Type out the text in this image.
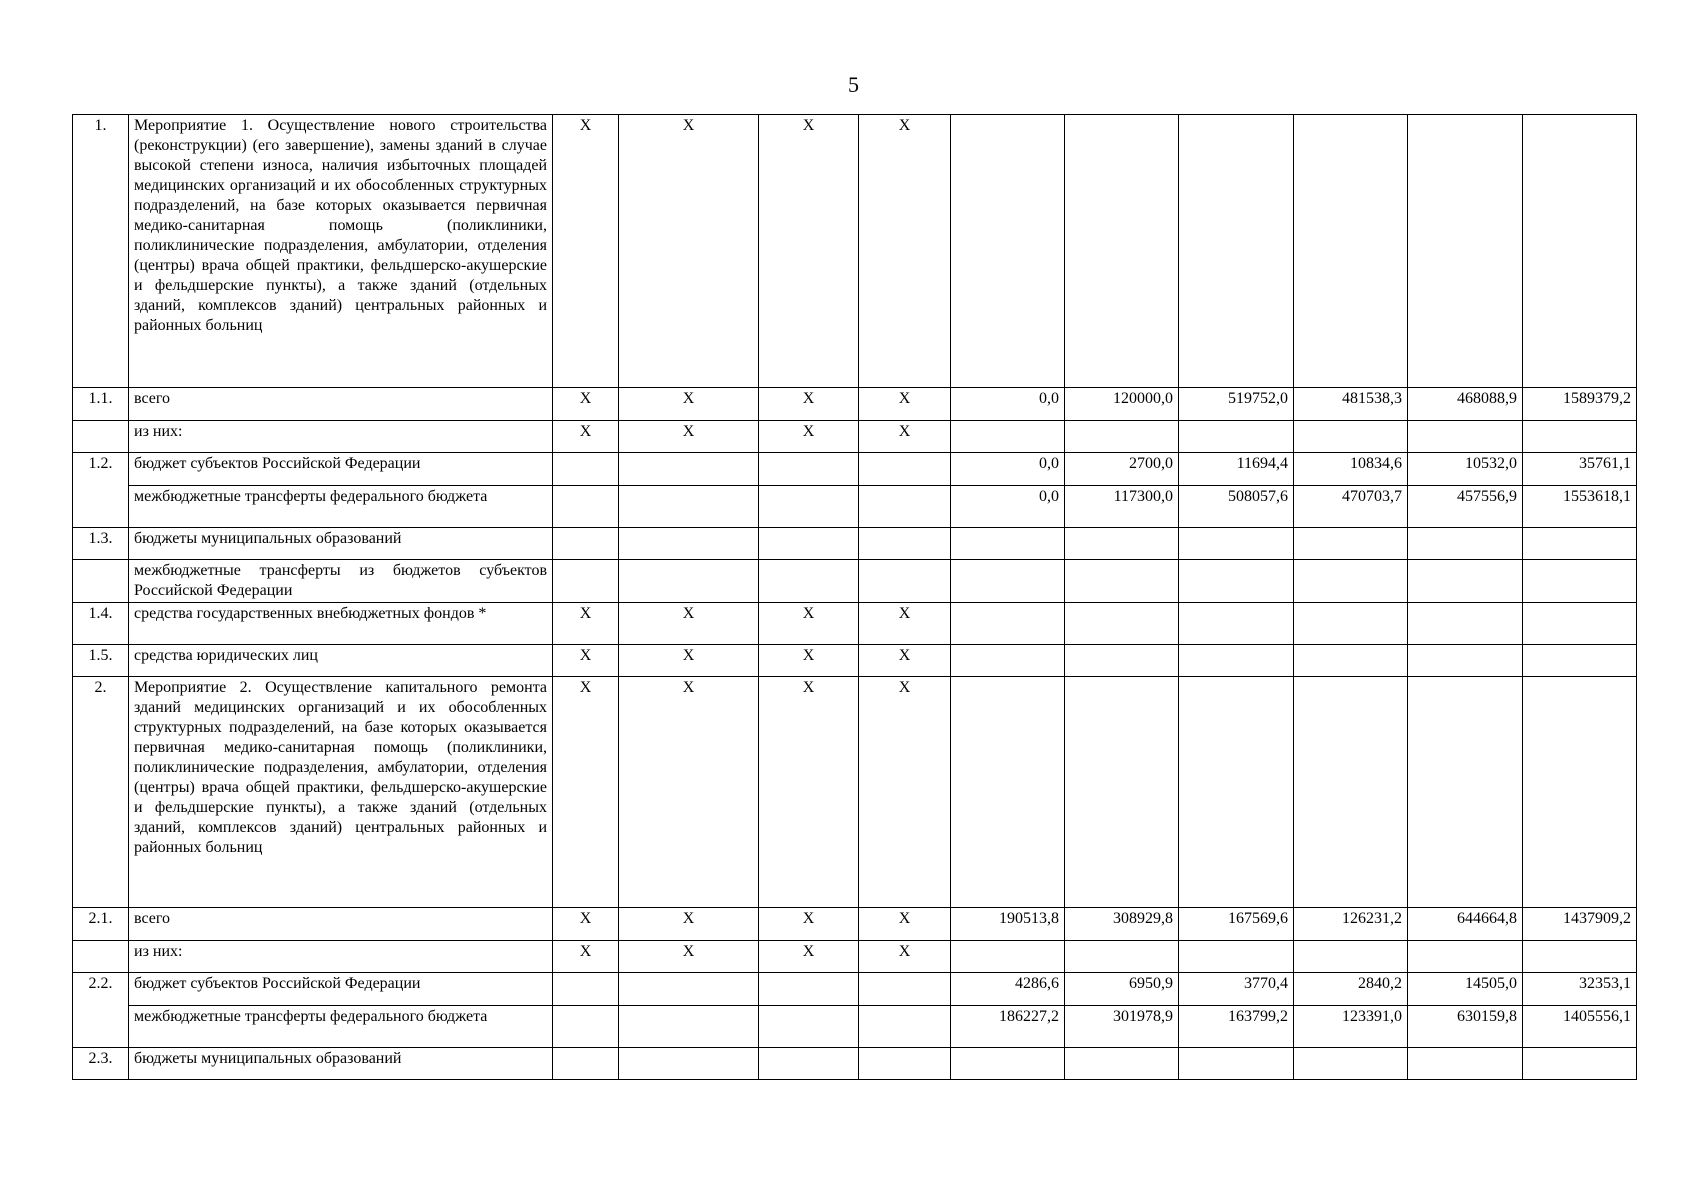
5
1.	Мероприятие 1. Осуществление нового строительства (реконструкции) (его завершение), замены зданий в случае высокой степени износа, наличия избыточных площадей медицинских организаций и их обособленных структурных подразделений, на базе которых оказывается первичная медико-санитарная помощь (поликлиники, поликлинические подразделения, амбулатории, отделения (центры) врача общей практики, фельдшерско-акушерские и фельдшерские пункты), а также зданий (отдельных зданий, комплексов зданий) центральных районных и районных больниц	X	X	X	X						
1.1.	всего	X	X	X	X	0,0	120000,0	519752,0	481538,3	468088,9	1589379,2
	из них:	X	X	X	X						
1.2.	бюджет субъектов Российской Федерации					0,0	2700,0	11694,4	10834,6	10532,0	35761,1
	межбюджетные трансферты федерального бюджета					0,0	117300,0	508057,6	470703,7	457556,9	1553618,1
1.3.	бюджеты муниципальных образований										
	межбюджетные трансферты из бюджетов субъектов Российской Федерации										
1.4.	средства государственных внебюджетных фондов *	X	X	X	X						
1.5.	средства юридических лиц	X	X	X	X						
2.	Мероприятие 2. Осуществление капитального ремонта зданий медицинских организаций и их обособленных структурных подразделений, на базе которых оказывается первичная медико-санитарная помощь (поликлиники, поликлинические подразделения, амбулатории, отделения (центры) врача общей практики, фельдшерско-акушерские и фельдшерские пункты), а также зданий (отдельных зданий, комплексов зданий) центральных районных и районных больниц	X	X	X	X						
2.1.	всего	X	X	X	X	190513,8	308929,8	167569,6	126231,2	644664,8	1437909,2
	из них:	X	X	X	X						
2.2.	бюджет субъектов Российской Федерации					4286,6	6950,9	3770,4	2840,2	14505,0	32353,1
	межбюджетные трансферты федерального бюджета					186227,2	301978,9	163799,2	123391,0	630159,8	1405556,1
2.3.	бюджеты муниципальных образований										
